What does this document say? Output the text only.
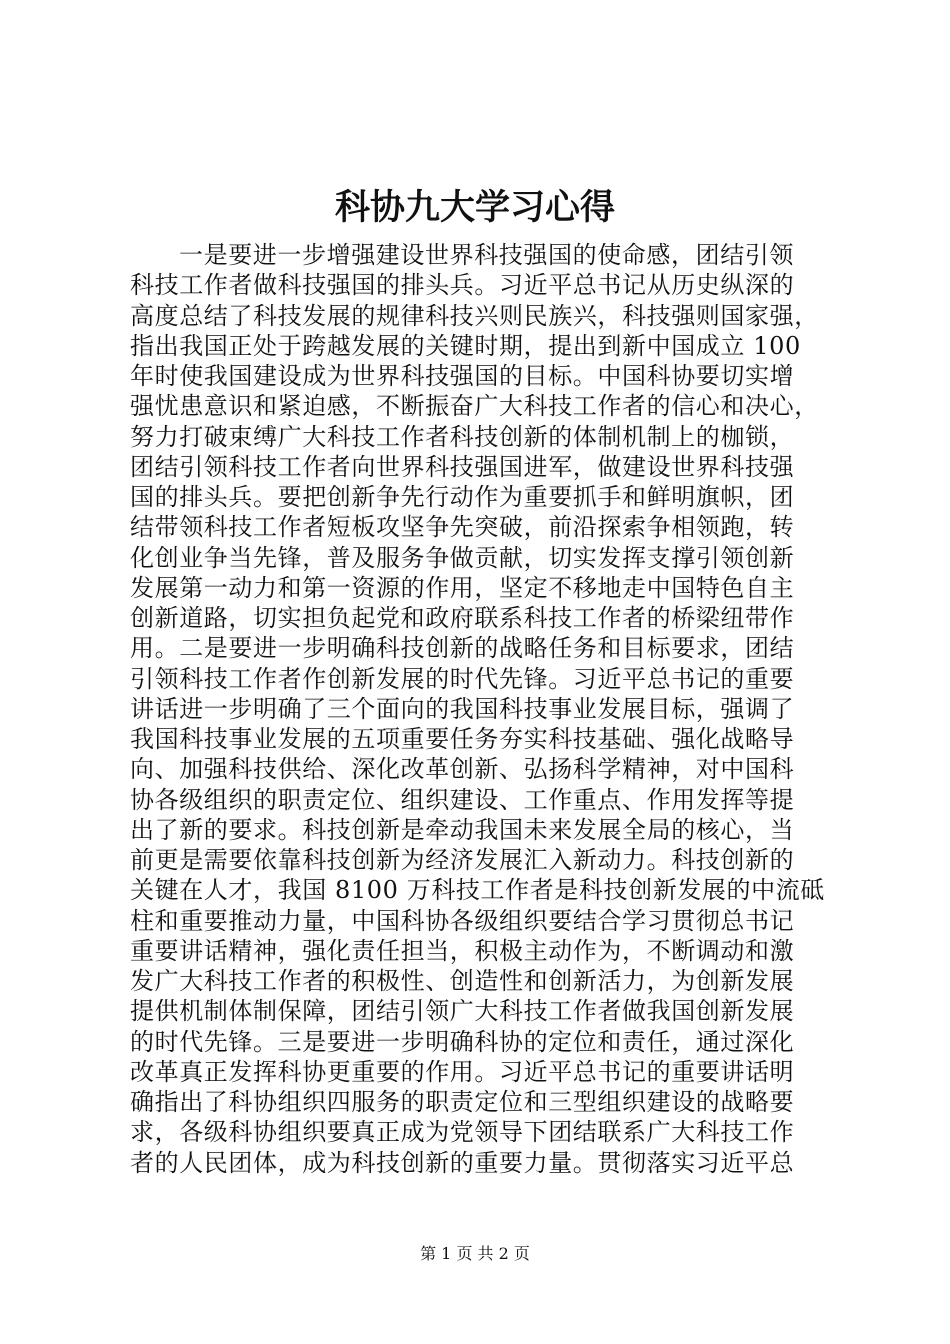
科协九大学习心得
一是要进一步增强建设世界科技强国的使命感，团结引领
科技工作者做科技强国的排头兵。习近平总书记从历史纵深的
高度总结了科技发展的规律科技兴则民族兴，科技强则国家强，
指出我国正处于跨越发展的关键时期，提出到新中国成立 100
年时使我国建设成为世界科技强国的目标。中国科协要切实增
强忧患意识和紧迫感，不断振奋广大科技工作者的信心和决心，
努力打破束缚广大科技工作者科技创新的体制机制上的枷锁，
团结引领科技工作者向世界科技强国进军，做建设世界科技强
国的排头兵。要把创新争先行动作为重要抓手和鲜明旗帜，团
结带领科技工作者短板攻坚争先突破，前沿探索争相领跑，转
化创业争当先锋，普及服务争做贡献，切实发挥支撑引领创新
发展第一动力和第一资源的作用，坚定不移地走中国特色自主
创新道路，切实担负起党和政府联系科技工作者的桥梁纽带作
用。二是要进一步明确科技创新的战略任务和目标要求，团结
引领科技工作者作创新发展的时代先锋。习近平总书记的重要
讲话进一步明确了三个面向的我国科技事业发展目标，强调了
我国科技事业发展的五项重要任务夯实科技基础、强化战略导
向、加强科技供给、深化改革创新、弘扬科学精神，对中国科
协各级组织的职责定位、组织建设、工作重点、作用发挥等提
出了新的要求。科技创新是牵动我国未来发展全局的核心，当
前更是需要依靠科技创新为经济发展汇入新动力。科技创新的
关键在人才，我国 8100 万科技工作者是科技创新发展的中流砥
柱和重要推动力量，中国科协各级组织要结合学习贯彻总书记
重要讲话精神，强化责任担当，积极主动作为，不断调动和激
发广大科技工作者的积极性、创造性和创新活力，为创新发展
提供机制体制保障，团结引领广大科技工作者做我国创新发展
的时代先锋。三是要进一步明确科协的定位和责任，通过深化
改革真正发挥科协更重要的作用。习近平总书记的重要讲话明
确指出了科协组织四服务的职责定位和三型组织建设的战略要
求，各级科协组织要真正成为党领导下团结联系广大科技工作
者的人民团体，成为科技创新的重要力量。贯彻落实习近平总
第 1 页 共 2 页
